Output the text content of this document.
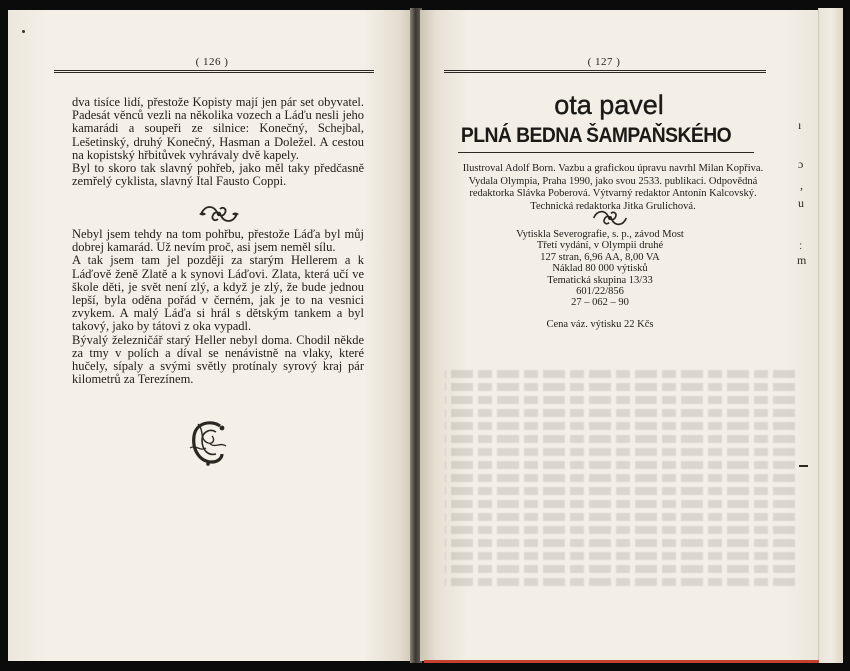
( 126 )

dva tisíce lidí, přestože Kopisty mají jen pár set obyvatel. Padesát věnců vezli na několika vozech a Láďu nesli jeho kamarádi a soupeři ze silnice: Konečný, Schejbal, Lešetinský, druhý Konečný, Hasman a Doležel. A cestou na kopistský hřbitůvek vyhrávaly dvě kapely.

Byl to skoro tak slavný pohřeb, jako měl taky předčasně zemřelý cyklista, slavný Ital Fausto Coppi.

Nebyl jsem tehdy na tom pohřbu, přestože Láďa byl můj dobrej kamarád. Už nevím proč, asi jsem neměl sílu.

A tak jsem tam jel později za starým Hellerem a k Láďově ženě Zlatě a k synovi Láďovi. Zlata, která učí ve škole děti, je svět není zlý, a když je zlý, že bude jednou lepší, byla oděna pořád v černém, jak je to na vesnici zvykem. A malý Láďa si hrál s dětským tankem a byl takový, jako by tátovi z oka vypadl.

Bývalý železničář starý Heller nebyl doma. Chodil někde za tmy v polích a díval se nenávistně na vlaky, které hučely, sípaly a svými světly protínaly syrový kraj pár kilometrů za Terezínem.

( 127 )
ota pavel
PLNÁ BEDNA ŠAMPAŇSKÉHO
Ilustroval Adolf Born. Vazbu a grafickou úpravu navrhl Milan Kopřiva. Vydala Olympia, Praha 1990, jako svou 2533. publikaci. Odpovědná redaktorka Slávka Poberová. Výtvarný redaktor Antonín Kalcovský. Technická redaktorka Jitka Grulichová.
Vytiskla Severografie, s. p., závod Most
Třetí vydání, v Olympii druhé
127 stran, 6,96 AA, 8,00 VA
Náklad 80 000 výtisků
Tematická skupina 13/33
601/22/856
27 – 062 – 90
Cena váz. výtisku 22 Kčs
ı
ɔ
,
u
ː
m
